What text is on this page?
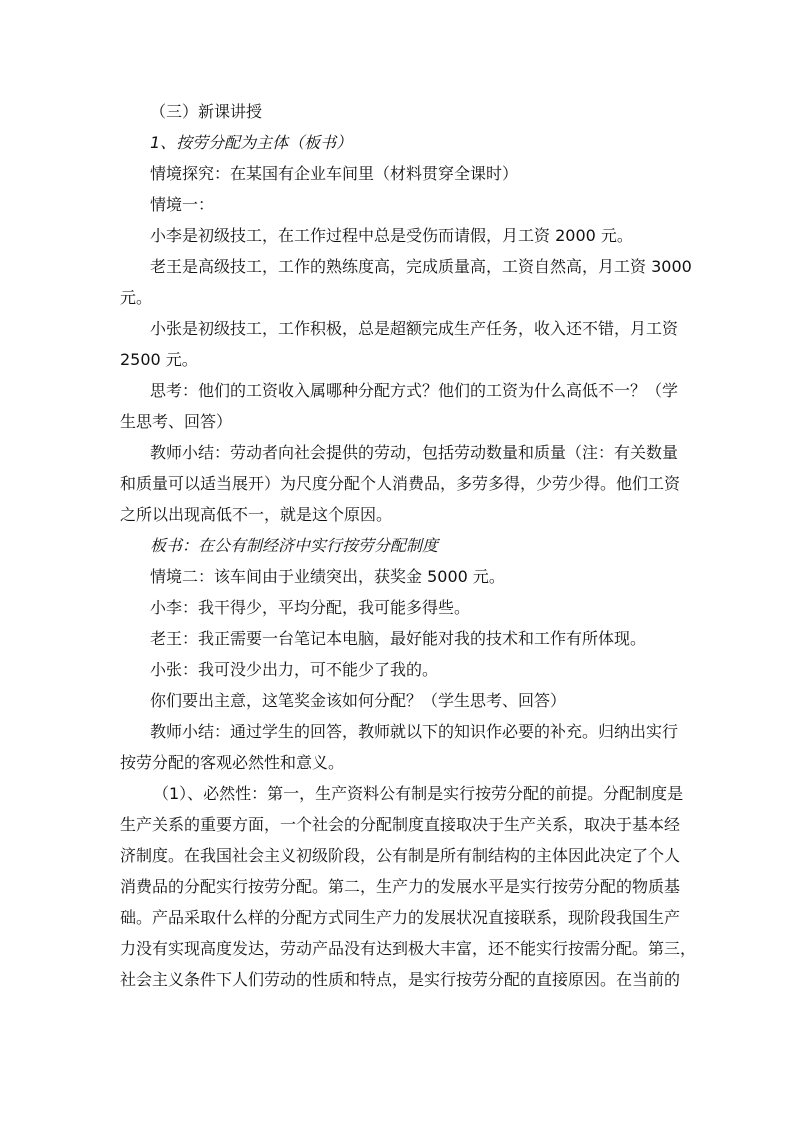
（三）新课讲授
1、按劳分配为主体（板书）
情境探究：在某国有企业车间里（材料贯穿全课时）
情境一：
小李是初级技工，在工作过程中总是受伤而请假，月工资 2000 元。
老王是高级技工，工作的熟练度高，完成质量高，工资自然高，月工资 3000
元。
小张是初级技工，工作积极，总是超额完成生产任务，收入还不错，月工资
2500 元。
思考：他们的工资收入属哪种分配方式？他们的工资为什么高低不一？（学
生思考、回答）
教师小结：劳动者向社会提供的劳动，包括劳动数量和质量（注：有关数量
和质量可以适当展开）为尺度分配个人消费品，多劳多得，少劳少得。他们工资
之所以出现高低不一，就是这个原因。
板书：在公有制经济中实行按劳分配制度
情境二：该车间由于业绩突出，获奖金 5000 元。
小李：我干得少，平均分配，我可能多得些。
老王：我正需要一台笔记本电脑，最好能对我的技术和工作有所体现。
小张：我可没少出力，可不能少了我的。
你们要出主意，这笔奖金该如何分配？（学生思考、回答）
教师小结：通过学生的回答，教师就以下的知识作必要的补充。归纳出实行
按劳分配的客观必然性和意义。
（1）、必然性：第一，生产资料公有制是实行按劳分配的前提。分配制度是
生产关系的重要方面，一个社会的分配制度直接取决于生产关系，取决于基本经
济制度。在我国社会主义初级阶段，公有制是所有制结构的主体因此决定了个人
消费品的分配实行按劳分配。第二，生产力的发展水平是实行按劳分配的物质基
础。产品采取什么样的分配方式同生产力的发展状况直接联系，现阶段我国生产
力没有实现高度发达，劳动产品没有达到极大丰富，还不能实行按需分配。第三，
社会主义条件下人们劳动的性质和特点，是实行按劳分配的直接原因。在当前的
